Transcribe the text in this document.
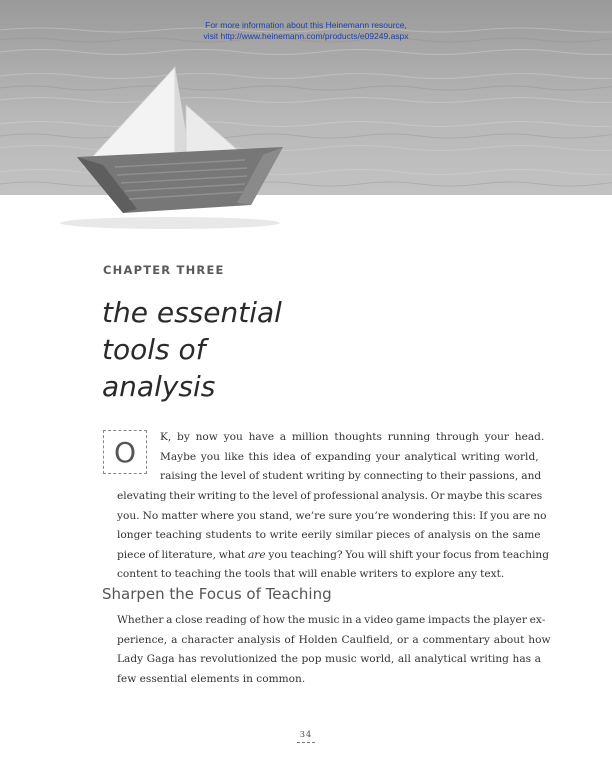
For more information about this Heinemann resource,
visit http://www.heinemann.com/products/e09249.aspx
CHAPTER THREE
the essential
tools of
analysis
O	K, by now you have a million thoughts running through your head.
Maybe you like this idea of expanding your analytical writing world,
raising the level of student writing by connecting to their passions, and
elevating their writing to the level of professional analysis. Or maybe this scares
you. No matter where you stand, we’re sure you’re wondering this: If you are no
longer teaching students to write eerily similar pieces of analysis on the same
piece of literature, what are you teaching? You will shift your focus from teaching
content to teaching the tools that will enable writers to explore any text.
Sharpen the Focus of Teaching
Whether a close reading of how the music in a video game impacts the player ex-
perience, a character analysis of Holden Caulfield, or a commentary about how
Lady Gaga has revolutionized the pop music world, all analytical writing has a
few essential elements in common.
34
